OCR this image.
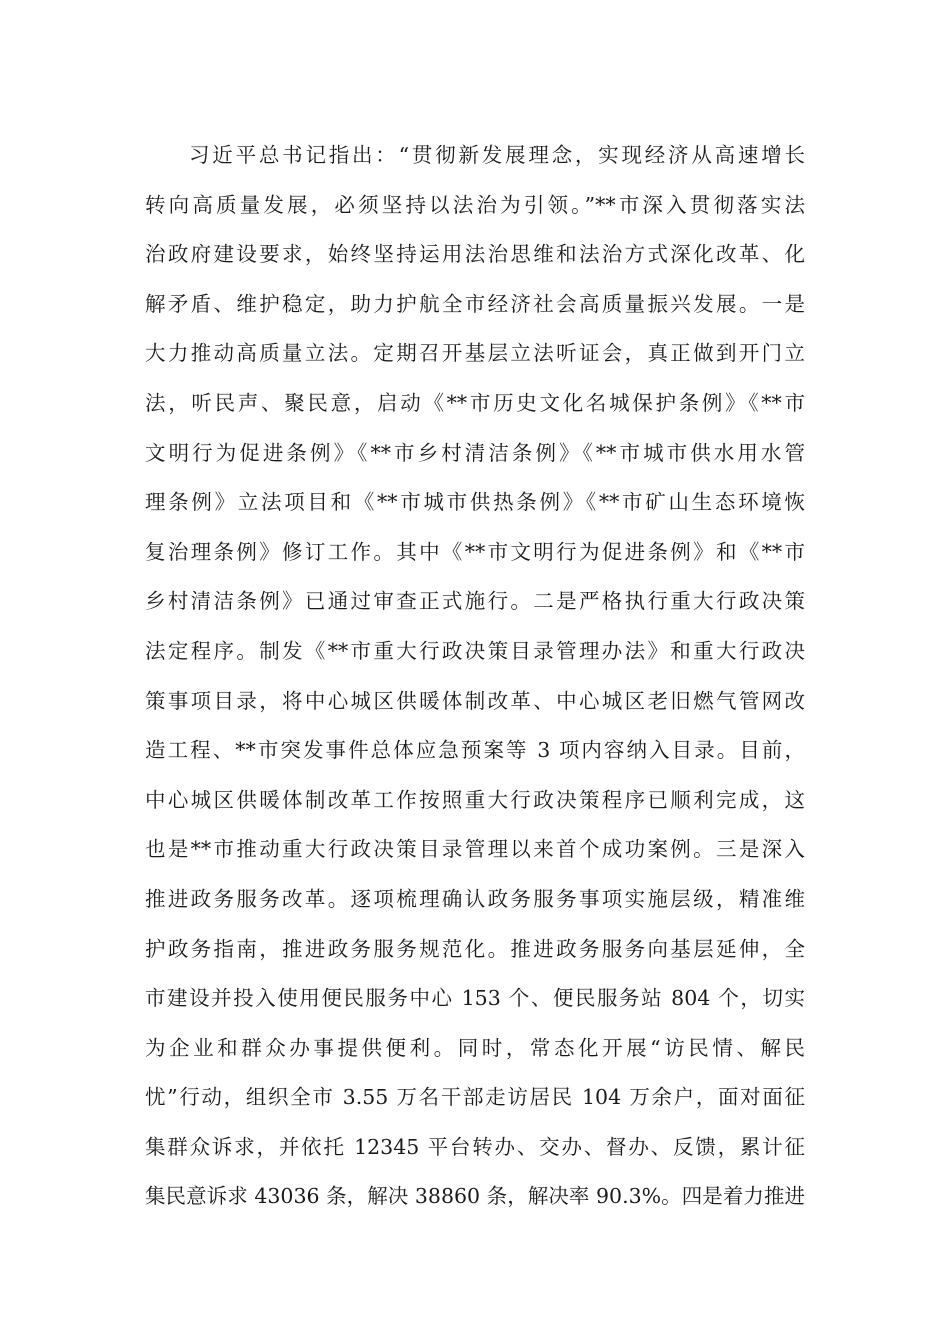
习近平总书记指出：“贯彻新发展理念，实现经济从高速增长
转向高质量发展，必须坚持以法治为引领。”**市深入贯彻落实法
治政府建设要求，始终坚持运用法治思维和法治方式深化改革、化
解矛盾、维护稳定，助力护航全市经济社会高质量振兴发展。一是
大力推动高质量立法。定期召开基层立法听证会，真正做到开门立
法，听民声、聚民意，启动《**市历史文化名城保护条例》《**市
文明行为促进条例》《**市乡村清洁条例》《**市城市供水用水管
理条例》立法项目和《**市城市供热条例》《**市矿山生态环境恢
复治理条例》修订工作。其中《**市文明行为促进条例》和《**市
乡村清洁条例》已通过审查正式施行。二是严格执行重大行政决策
法定程序。制发《**市重大行政决策目录管理办法》和重大行政决
策事项目录，将中心城区供暖体制改革、中心城区老旧燃气管网改
造工程、**市突发事件总体应急预案等 3 项内容纳入目录。目前，
中心城区供暖体制改革工作按照重大行政决策程序已顺利完成，这
也是**市推动重大行政决策目录管理以来首个成功案例。三是深入
推进政务服务改革。逐项梳理确认政务服务事项实施层级，精准维
护政务指南，推进政务服务规范化。推进政务服务向基层延伸，全
市建设并投入使用便民服务中心 153 个、便民服务站 804 个，切实
为企业和群众办事提供便利。同时，常态化开展“访民情、解民
忧”行动，组织全市 3.55 万名干部走访居民 104 万余户，面对面征
集群众诉求，并依托 12345 平台转办、交办、督办、反馈，累计征
集民意诉求 43036 条，解决 38860 条，解决率 90.3%。四是着力推进
